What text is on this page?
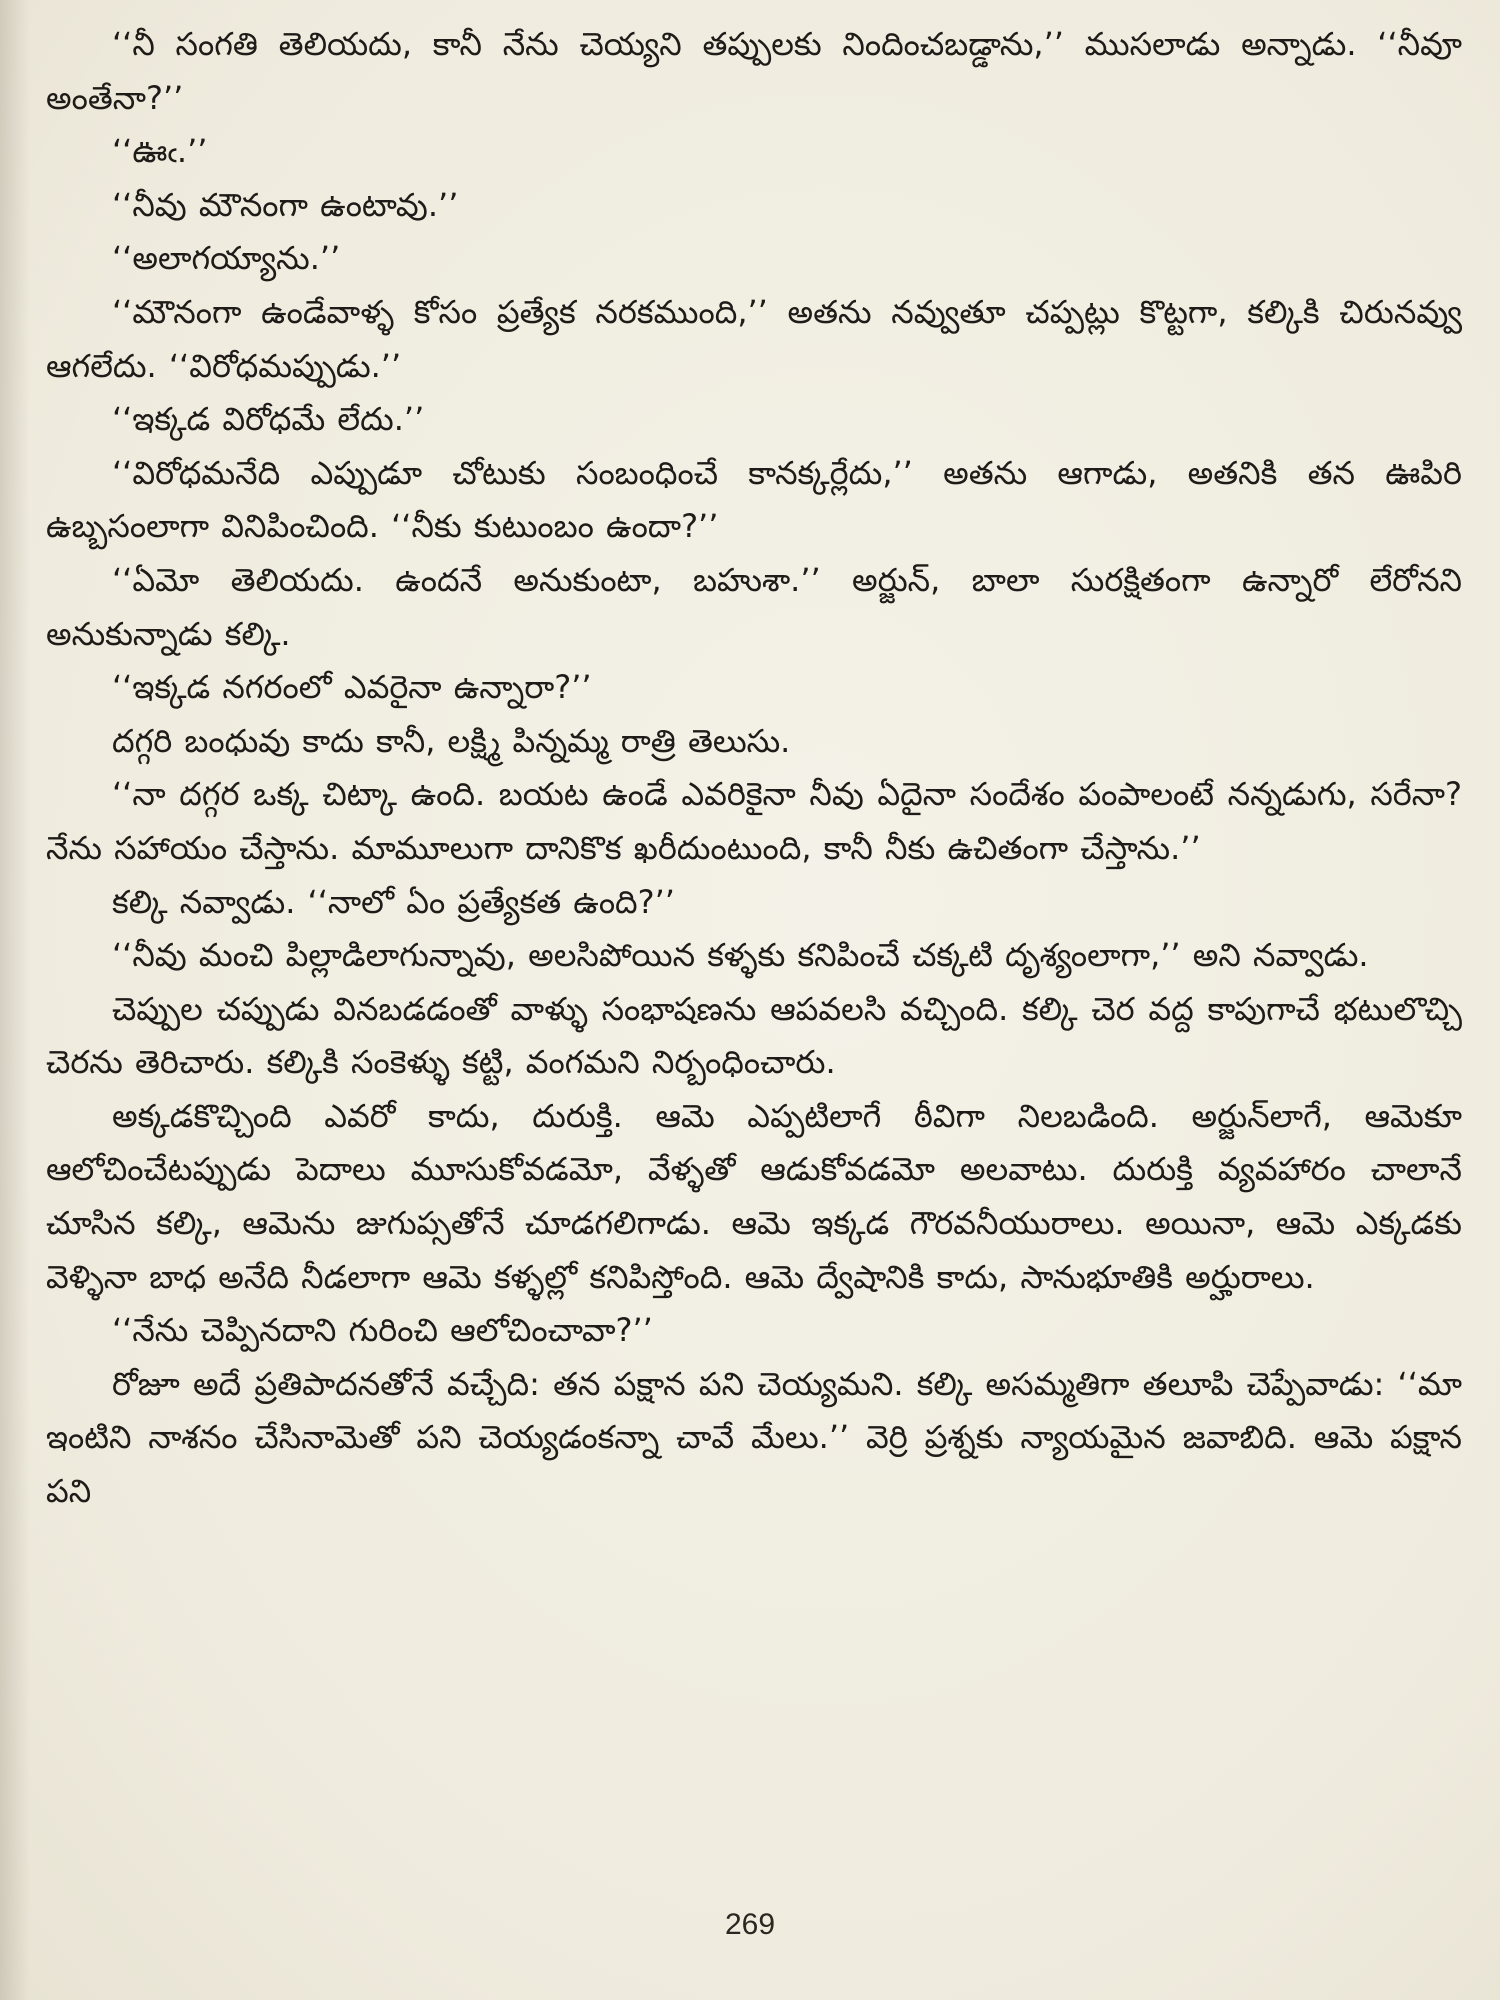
‘‘నీ సంగతి తెలియదు, కానీ నేను చెయ్యని తప్పులకు నిందించబడ్డాను,’’ ముసలాడు అన్నాడు. ‘‘నీవూ అంతేనా?’’

‘‘ఊఁ.’’

‘‘నీవు మౌనంగా ఉంటావు.’’

‘‘అలాగయ్యాను.’’

‘‘మౌనంగా ఉండేవాళ్ళ కోసం ప్రత్యేక నరకముంది,’’ అతను నవ్వుతూ చప్పట్లు కొట్టగా, కల్కికి చిరునవ్వు ఆగలేదు. ‘‘విరోధమప్పుడు.’’

‘‘ఇక్కడ విరోధమే లేదు.’’

‘‘విరోధమనేది ఎప్పుడూ చోటుకు సంబంధించే కానక్కర్లేదు,’’ అతను ఆగాడు, అతనికి తన ఊపిరి ఉబ్బసంలాగా వినిపించింది. ‘‘నీకు కుటుంబం ఉందా?’’

‘‘ఏమో తెలియదు. ఉందనే అనుకుంటా, బహుశా.’’ అర్జున్, బాలా సురక్షితంగా ఉన్నారో లేరోనని అనుకున్నాడు కల్కి.

‘‘ఇక్కడ నగరంలో ఎవరైనా ఉన్నారా?’’

దగ్గరి బంధువు కాదు కానీ, లక్ష్మి పిన్నమ్మ రాత్రి తెలుసు.

‘‘నా దగ్గర ఒక్క చిట్కా ఉంది. బయట ఉండే ఎవరికైనా నీవు ఏదైనా సందేశం పంపాలంటే నన్నడుగు, సరేనా? నేను సహాయం చేస్తాను. మామూలుగా దానికొక ఖరీదుంటుంది, కానీ నీకు ఉచితంగా చేస్తాను.’’

కల్కి నవ్వాడు. ‘‘నాలో ఏం ప్రత్యేకత ఉంది?’’

‘‘నీవు మంచి పిల్లాడిలాగున్నావు, అలసిపోయిన కళ్ళకు కనిపించే చక్కటి దృశ్యంలాగా,’’ అని నవ్వాడు.

చెప్పుల చప్పుడు వినబడడంతో వాళ్ళు సంభాషణను ఆపవలసి వచ్చింది. కల్కి చెర వద్ద కాపుగాచే భటులొచ్చి చెరను తెరిచారు. కల్కికి సంకెళ్ళు కట్టి, వంగమని నిర్బంధించారు.

అక్కడకొచ్చింది ఎవరో కాదు, దురుక్తి. ఆమె ఎప్పటిలాగే ఠీవిగా నిలబడింది. అర్జున్‌లాగే, ఆమెకూ ఆలోచించేటప్పుడు పెదాలు మూసుకోవడమో, వేళ్ళతో ఆడుకోవడమో అలవాటు. దురుక్తి వ్యవహారం చాలానే చూసిన కల్కి, ఆమెను జుగుప్సతోనే చూడగలిగాడు. ఆమె ఇక్కడ గౌరవనీయురాలు. అయినా, ఆమె ఎక్కడకు వెళ్ళినా బాధ అనేది నీడలాగా ఆమె కళ్ళల్లో కనిపిస్తోంది. ఆమె ద్వేషానికి కాదు, సానుభూతికి అర్హురాలు.

‘‘నేను చెప్పినదాని గురించి ఆలోచించావా?’’

రోజూ అదే ప్రతిపాదనతోనే వచ్చేది: తన పక్షాన పని చెయ్యమని. కల్కి అసమ్మతిగా తలూపి చెప్పేవాడు: ‘‘మా ఇంటిని నాశనం చేసినామెతో పని చెయ్యడంకన్నా చావే మేలు.’’ వెర్రి ప్రశ్నకు న్యాయమైన జవాబిది. ఆమె పక్షాన పని

269
